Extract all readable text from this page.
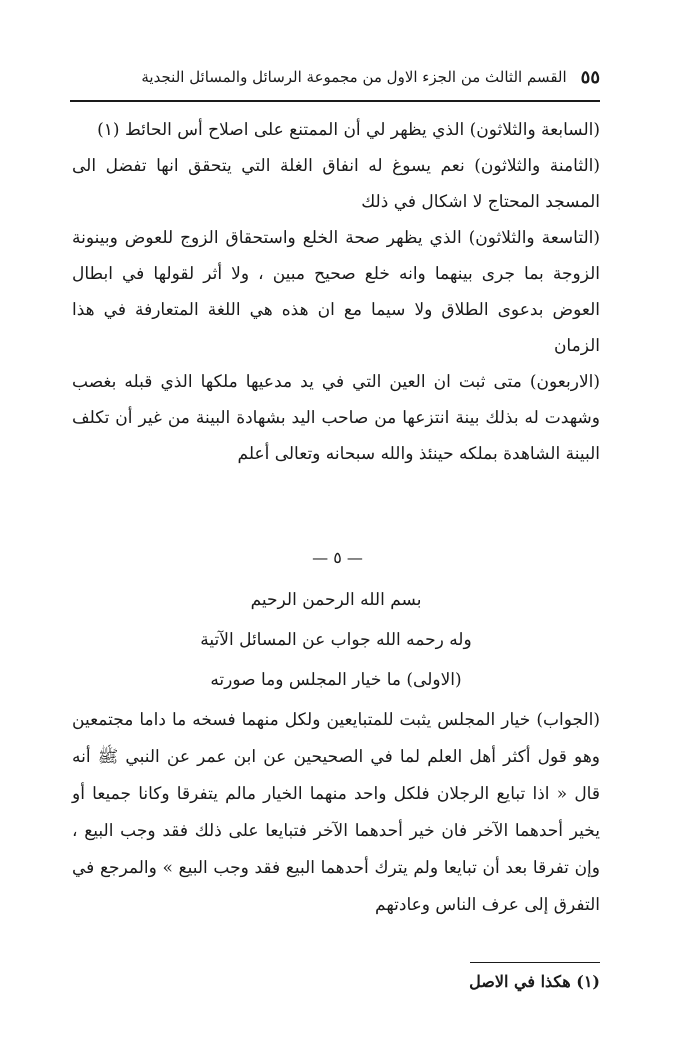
٥٥
القسم الثالث من الجزء الاول من مجموعة الرسائل والمسائل النجدية

(السابعة والثلاثون) الذي يظهر لي أن الممتنع على اصلاح أس الحائط (١)

(الثامنة والثلاثون) نعم يسوغ له انفاق الغلة التي يتحقق انها تفضل الى المسجد المحتاج لا اشكال في ذلك

(التاسعة والثلاثون) الذي يظهر صحة الخلع واستحقاق الزوج للعوض وبينونة الزوجة بما جرى بينهما وانه خلع صحيح مبين ، ولا أثر لقولها في ابطال العوض بدعوى الطلاق ولا سيما مع ان هذه هي اللغة المتعارفة في هذا الزمان

(الاربعون) متى ثبت ان العين التي في يد مدعيها ملكها الذي قبله بغصب وشهدت له بذلك بينة انتزعها من صاحب اليد بشهادة البينة من غير أن تكلف البينة الشاهدة بملكه حينئذ والله سبحانه وتعالى أعلم

— ٥ —

بسم الله الرحمن الرحيم

وله رحمه الله جواب عن المسائل الآتية

(الاولى) ما خيار المجلس وما صورته

(الجواب) خيار المجلس يثبت للمتبايعين ولكل منهما فسخه ما داما مجتمعين وهو قول أكثر أهل العلم لما في الصحيحين عن ابن عمر عن النبي ﷺ أنه قال « اذا تبايع الرجلان فلكل واحد منهما الخيار مالم يتفرقا وكانا جميعا أو يخير أحدهما الآخر فان خير أحدهما الآخر فتبايعا على ذلك فقد وجب البيع ، وإن تفرقا بعد أن تبايعا ولم يترك أحدهما البيع فقد وجب البيع » والمرجع في التفرق إلى عرف الناس وعادتهم

(١) هكذا في الاصل
